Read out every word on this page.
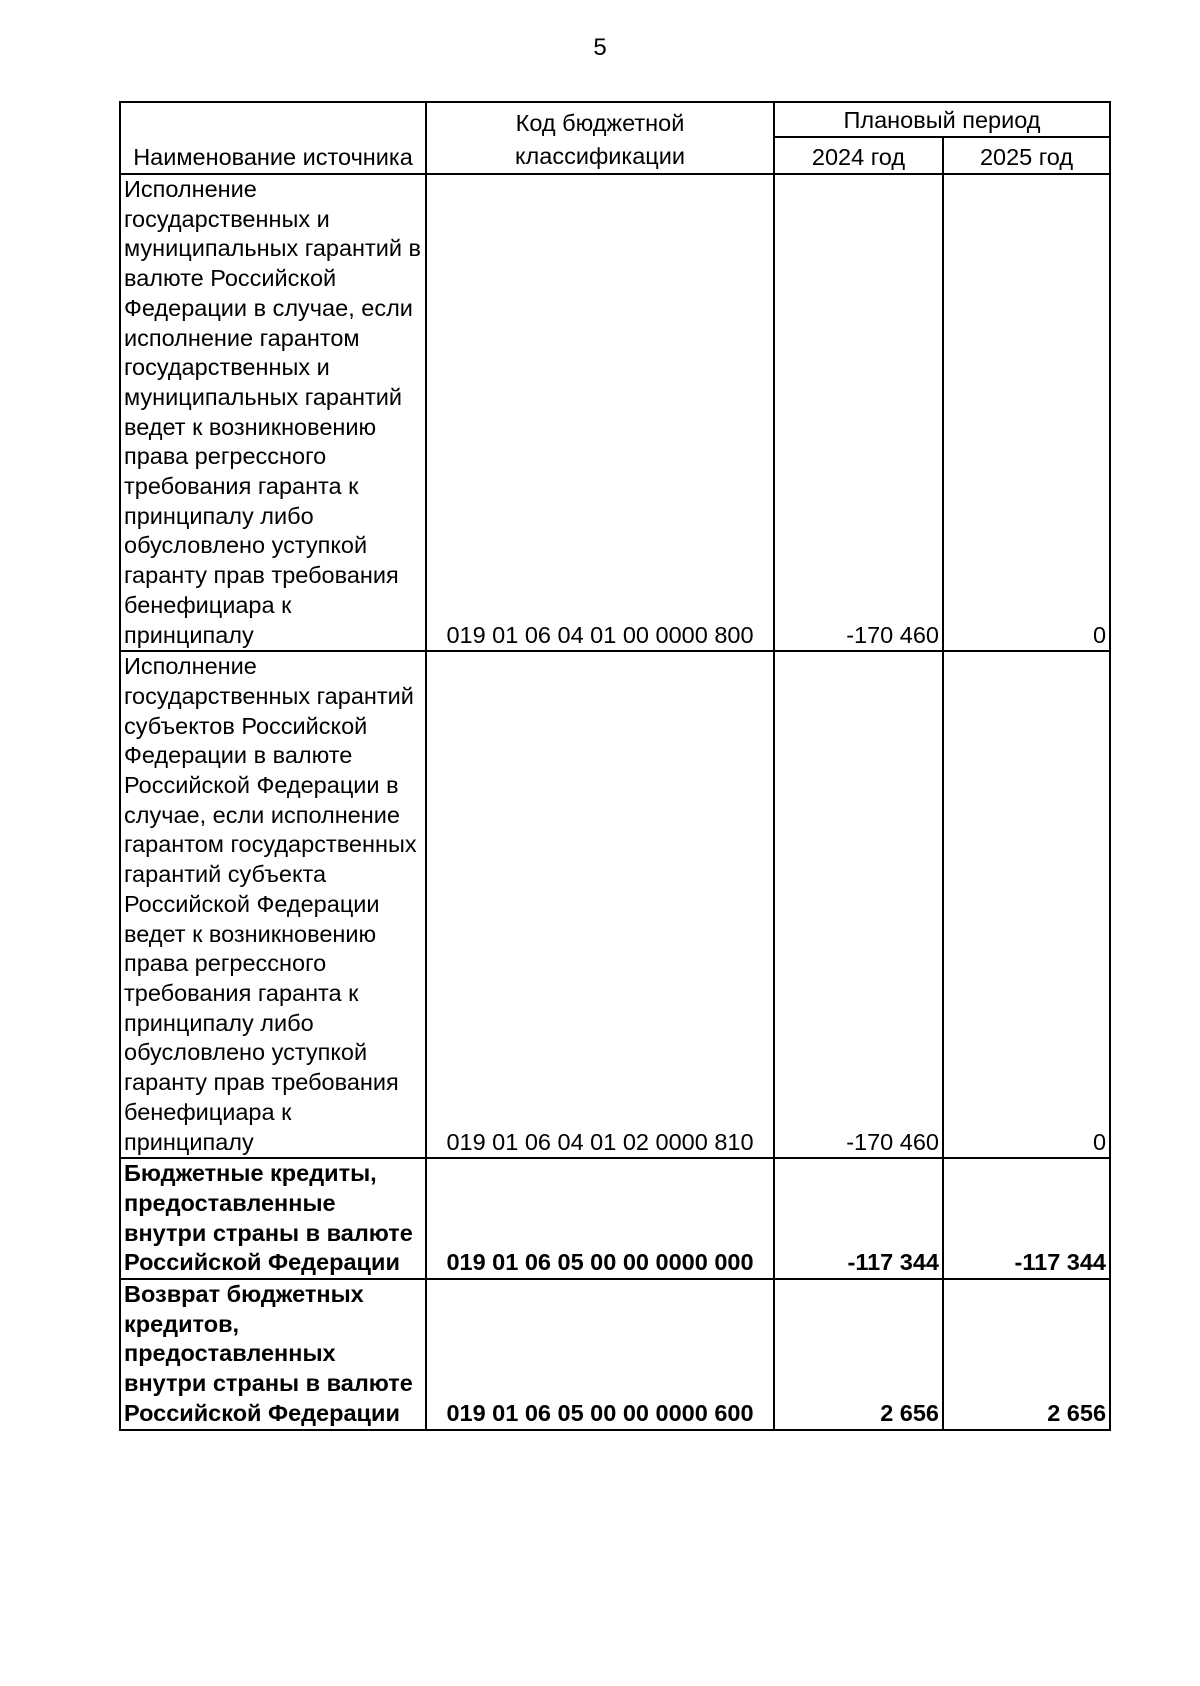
5
Наименование источника	Код бюджетной классификации	Плановый период	
		2024 год	2025 год
Исполнение государственных и муниципальных гарантий в валюте Российской Федерации в случае, если исполнение гарантом государственных и муниципальных гарантий ведет к возникновению права регрессного требования гаранта к принципалу либо обусловлено уступкой гаранту прав требования бенефициара к принципалу	019 01 06 04 01 00 0000 800	-170 460	0
Исполнение государственных гарантий субъектов Российской Федерации в валюте Российской Федерации в случае, если исполнение гарантом государственных гарантий субъекта Российской Федерации ведет к возникновению права регрессного требования гаранта к принципалу либо обусловлено уступкой гаранту прав требования бенефициара к принципалу	019 01 06 04 01 02 0000 810	-170 460	0
Бюджетные кредиты, предоставленные внутри страны в валюте Российской Федерации	019 01 06 05 00 00 0000 000	-117 344	-117 344
Возврат бюджетных кредитов, предоставленных внутри страны в валюте Российской Федерации	019 01 06 05 00 00 0000 600	2 656	2 656
